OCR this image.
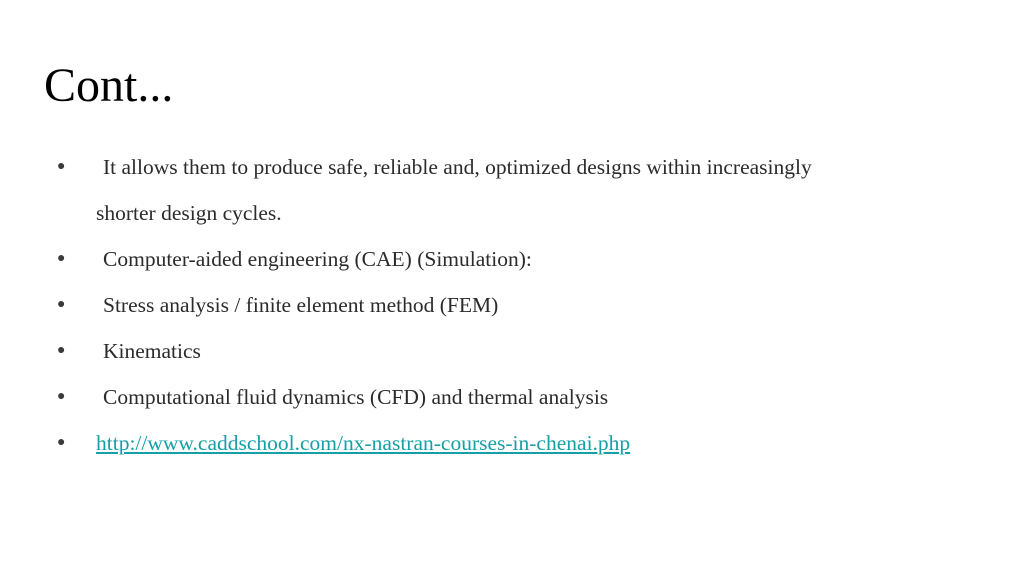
Cont...
● It allows them to produce safe, reliable and, optimized designs within increasingly
shorter design cycles.
● Computer-aided engineering (CAE) (Simulation):
● Stress analysis / finite element method (FEM)
● Kinematics
● Computational fluid dynamics (CFD) and thermal analysis
● http://www.caddschool.com/nx-nastran-courses-in-chenai.php
